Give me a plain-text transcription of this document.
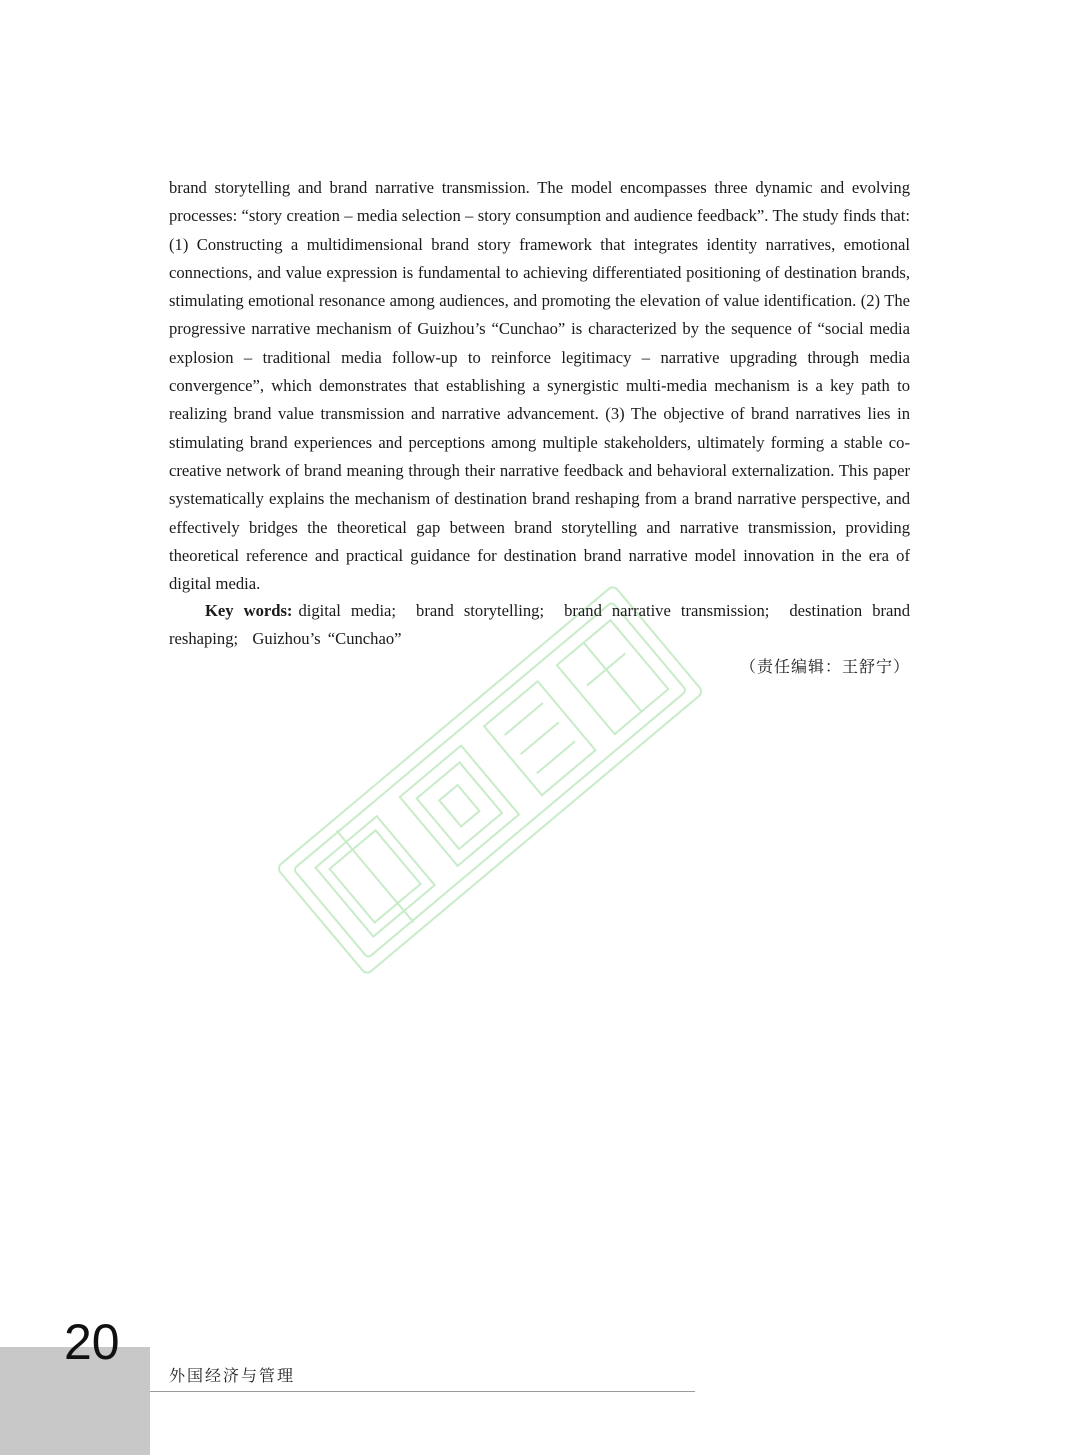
brand storytelling and brand narrative transmission. The model encompasses three dynamic and evolving processes: “story creation – media selection – story consumption and audience feedback”. The study finds that: (1) Constructing a multidimensional brand story framework that integrates identity narratives, emotional connections, and value expression is fundamental to achieving differentiated positioning of destination brands, stimulating emotional resonance among audiences, and promoting the elevation of value identification. (2) The progressive narrative mechanism of Guizhou’s “Cunchao” is characterized by the sequence of “social media explosion – traditional media follow-up to reinforce legitimacy – narrative upgrading through media convergence”, which demonstrates that establishing a synergistic multi-media mechanism is a key path to realizing brand value transmission and narrative advancement. (3) The objective of brand narratives lies in stimulating brand experiences and perceptions among multiple stakeholders, ultimately forming a stable co-creative network of brand meaning through their narrative feedback and behavioral externalization. This paper systematically explains the mechanism of destination brand reshaping from a brand narrative perspective, and effectively bridges the theoretical gap between brand storytelling and narrative transmission, providing theoretical reference and practical guidance for destination brand narrative model innovation in the era of digital media.

Key words: digital media;  brand storytelling;  brand narrative transmission;  destination brand reshaping;  Guizhou’s “Cunchao”
（责任编辑：王舒宁）
20
外国经济与管理
